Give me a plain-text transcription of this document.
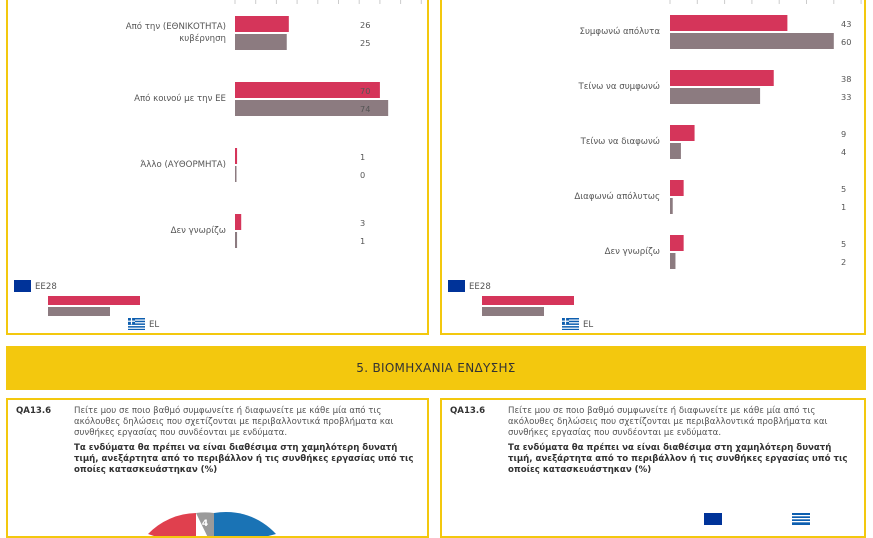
Από την (ΕΘΝΙΚΟΤΗΤΑ)
κυβέρνηση
26
25
Από κοινού με την ΕΕ
70
74
Άλλο (ΑΥΘΟΡΜΗΤΑ)
1
0
Δεν γνωρίζω
3
1
EE28
EL
Συμφωνώ απόλυτα
43
60
Τείνω να συμφωνώ
38
33
Τείνω να διαφωνώ
9
4
Διαφωνώ απόλυτως
5
1
Δεν γνωρίζω
5
2
EE28
EL
5. ΒΙΟΜΗΧΑΝΙΑ ΕΝΔΥΣΗΣ
QA13.6	Πείτε μου σε ποιο βαθμό συμφωνείτε ή διαφωνείτε με κάθε μία από τις ακόλουθες δηλώσεις που σχετίζονται με περιβαλλοντικά προβλήματα και συνθήκες εργασίας που συνδέονται με ενδύματα.
Τα ενδύματα θα πρέπει να είναι διαθέσιμα στη χαμηλότερη δυνατή τιμή, ανεξάρτητα από το περιβάλλον ή τις συνθήκες εργασίας υπό τις οποίες κατασκευάστηκαν (%)
4
QA13.6	Πείτε μου σε ποιο βαθμό συμφωνείτε ή διαφωνείτε με κάθε μία από τις ακόλουθες δηλώσεις που σχετίζονται με περιβαλλοντικά προβλήματα και συνθήκες εργασίας που συνδέονται με ενδύματα.
Τα ενδύματα θα πρέπει να είναι διαθέσιμα στη χαμηλότερη δυνατή τιμή, ανεξάρτητα από το περιβάλλον ή τις συνθήκες εργασίας υπό τις οποίες κατασκευάστηκαν (%)
